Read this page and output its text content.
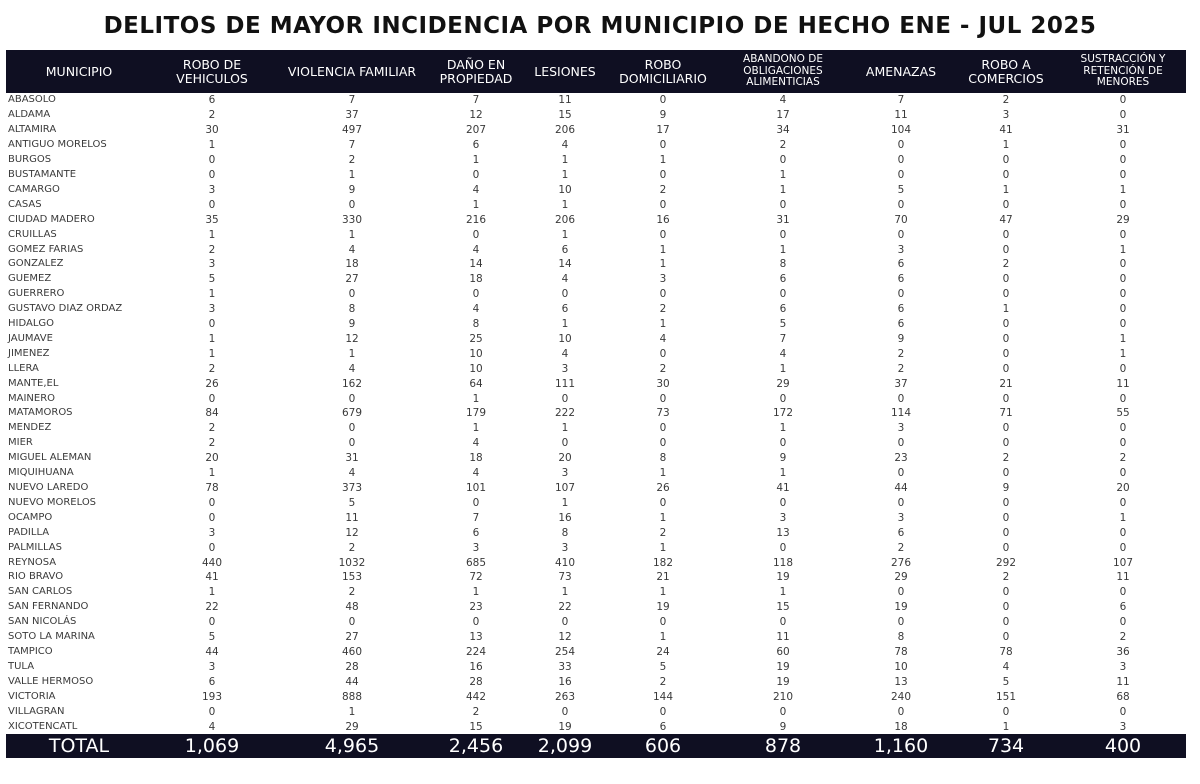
DELITOS DE MAYOR INCIDENCIA POR MUNICIPIO DE HECHO ENE - JUL 2025
MUNICIPIO	ROBO DE VEHICULOS	VIOLENCIA FAMILIAR	DAÑO EN PROPIEDAD	LESIONES	ROBO DOMICILIARIO	ABANDONO DE OBLIGACIONES ALIMENTICIAS	AMENAZAS	ROBO A COMERCIOS	SUSTRACCIÓN Y RETENCIÓN DE MENORES
ABASOLO	6	7	7	11	0	4	7	2	0
ALDAMA	2	37	12	15	9	17	11	3	0
ALTAMIRA	30	497	207	206	17	34	104	41	31
ANTIGUO MORELOS	1	7	6	4	0	2	0	1	0
BURGOS	0	2	1	1	1	0	0	0	0
BUSTAMANTE	0	1	0	1	0	1	0	0	0
CAMARGO	3	9	4	10	2	1	5	1	1
CASAS	0	0	1	1	0	0	0	0	0
CIUDAD MADERO	35	330	216	206	16	31	70	47	29
CRUILLAS	1	1	0	1	0	0	0	0	0
GOMEZ FARIAS	2	4	4	6	1	1	3	0	1
GONZALEZ	3	18	14	14	1	8	6	2	0
GUEMEZ	5	27	18	4	3	6	6	0	0
GUERRERO	1	0	0	0	0	0	0	0	0
GUSTAVO DIAZ ORDAZ	3	8	4	6	2	6	6	1	0
HIDALGO	0	9	8	1	1	5	6	0	0
JAUMAVE	1	12	25	10	4	7	9	0	1
JIMENEZ	1	1	10	4	0	4	2	0	1
LLERA	2	4	10	3	2	1	2	0	0
MANTE,EL	26	162	64	111	30	29	37	21	11
MAINERO	0	0	1	0	0	0	0	0	0
MATAMOROS	84	679	179	222	73	172	114	71	55
MENDEZ	2	0	1	1	0	1	3	0	0
MIER	2	0	4	0	0	0	0	0	0
MIGUEL ALEMAN	20	31	18	20	8	9	23	2	2
MIQUIHUANA	1	4	4	3	1	1	0	0	0
NUEVO LAREDO	78	373	101	107	26	41	44	9	20
NUEVO MORELOS	0	5	0	1	0	0	0	0	0
OCAMPO	0	11	7	16	1	3	3	0	1
PADILLA	3	12	6	8	2	13	6	0	0
PALMILLAS	0	2	3	3	1	0	2	0	0
REYNOSA	440	1032	685	410	182	118	276	292	107
RIO BRAVO	41	153	72	73	21	19	29	2	11
SAN CARLOS	1	2	1	1	1	1	0	0	0
SAN FERNANDO	22	48	23	22	19	15	19	0	6
SAN NICOLÁS	0	0	0	0	0	0	0	0	0
SOTO LA MARINA	5	27	13	12	1	11	8	0	2
TAMPICO	44	460	224	254	24	60	78	78	36
TULA	3	28	16	33	5	19	10	4	3
VALLE HERMOSO	6	44	28	16	2	19	13	5	11
VICTORIA	193	888	442	263	144	210	240	151	68
VILLAGRAN	0	1	2	0	0	0	0	0	0
XICOTENCATL	4	29	15	19	6	9	18	1	3
TOTAL	1,069	4,965	2,456	2,099	606	878	1,160	734	400
